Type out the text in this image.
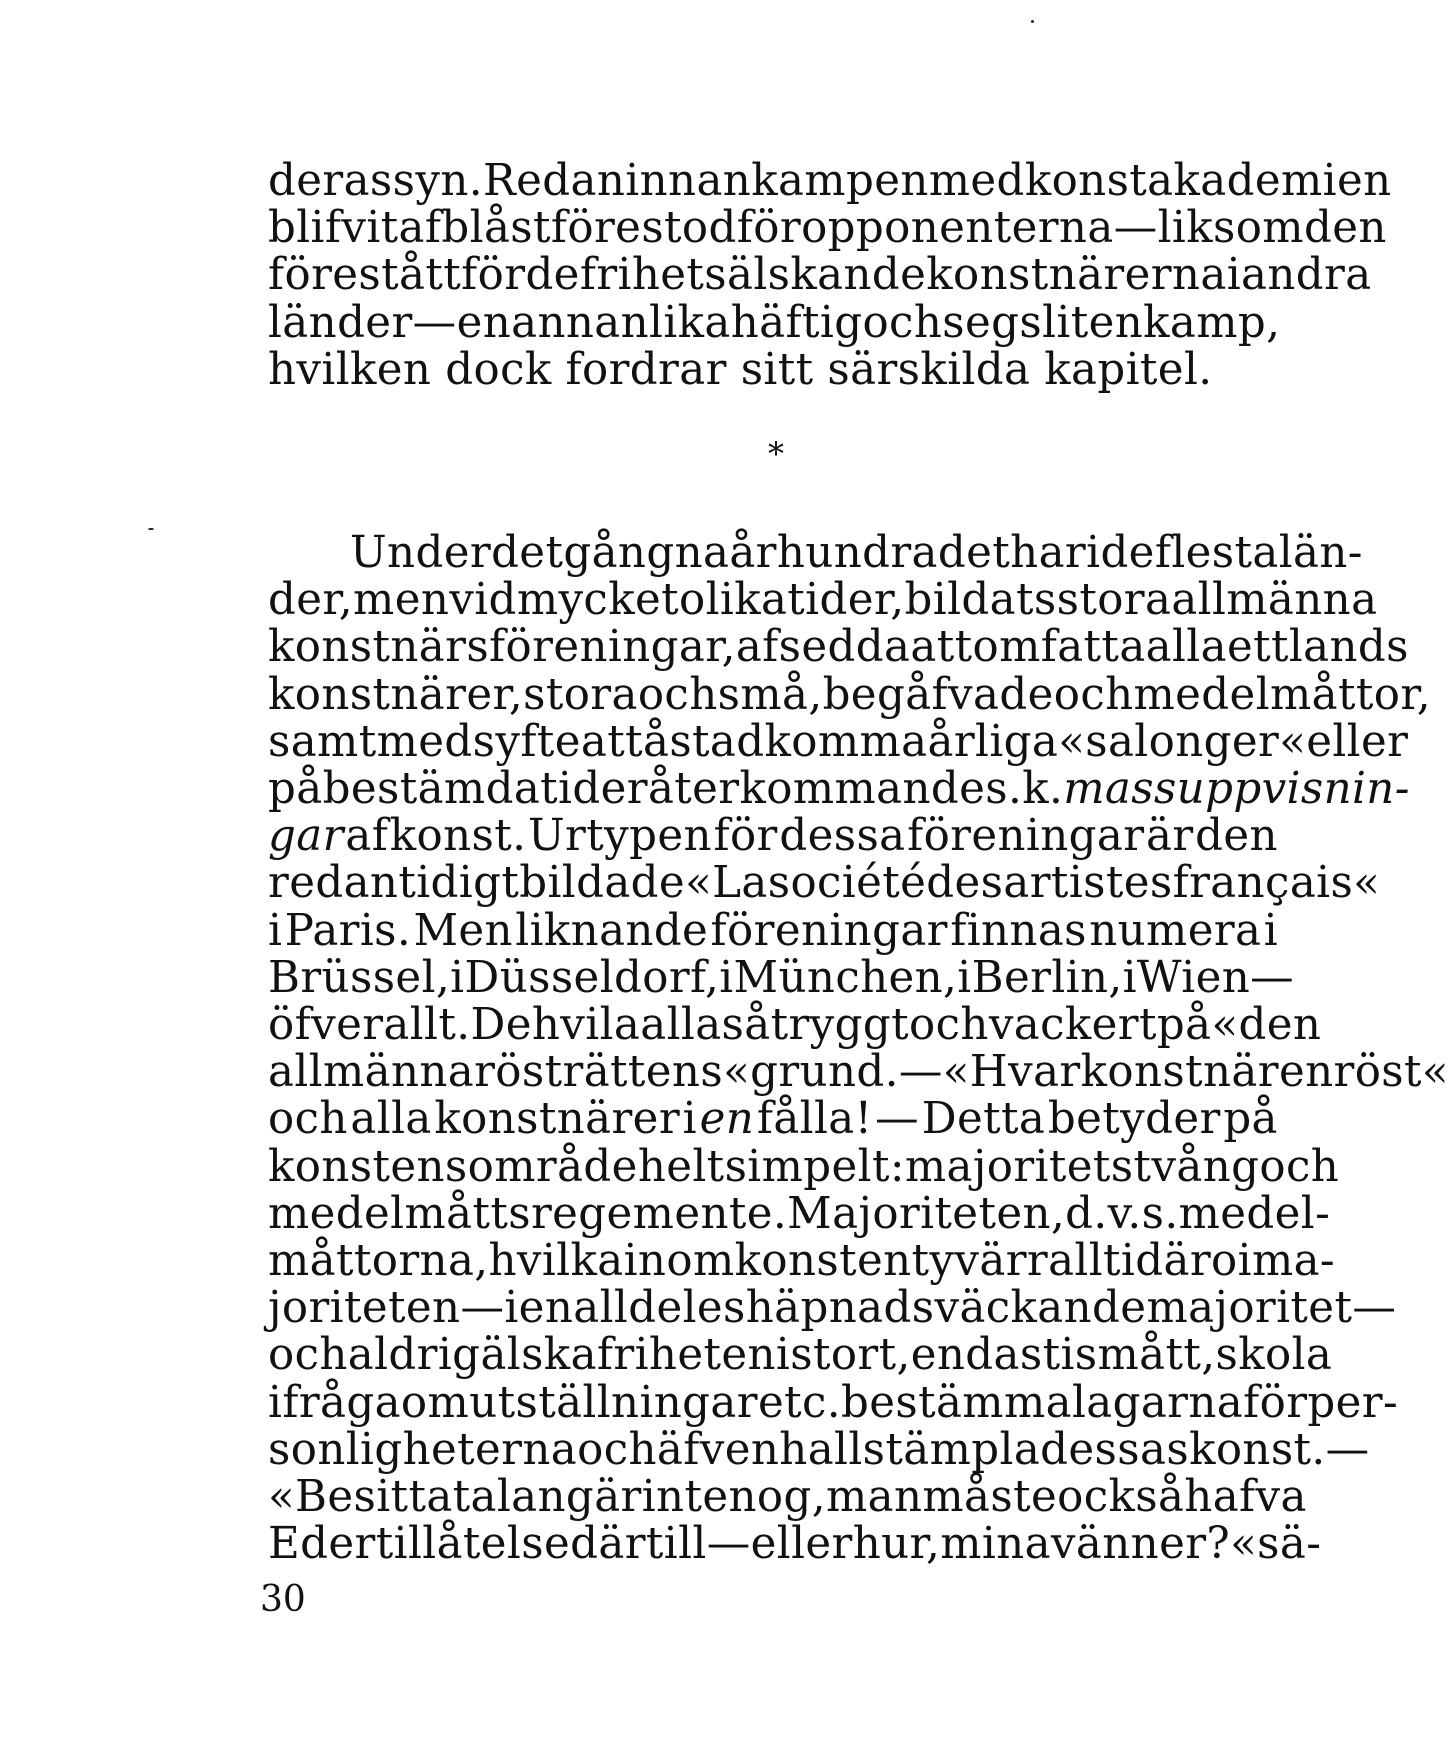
deras syn. Redan innan kampen med konstakademien
blifvit afblåst förestod för opponenterna — liksom den
förestått för de frihetsälskande konstnärerna i andra
länder — en annan lika häftig och segsliten kamp,
hvilken dock fordrar sitt särskilda kapitel.
*
Under det gångna århundradet har i de flesta län-
der, men vid mycket olika tider, bildats stora allmänna
konstnärsföreningar, afsedda att omfatta alla ett lands
konstnärer, stora och små, begåfvade och medelmåttor,
samt med syfte att åstadkomma årliga «salonger« eller
på bestämda tider återkommande s. k. massuppvisnin-
gar af konst. Urtypen för dessa föreningar är den
redan tidigt bildade «La société des artistes français«
i Paris. Men liknande föreningar finnas numera i
Brüssel, i Düsseldorf, i München, i Berlin, i Wien —
öfverallt. De hvila alla så tryggt och vackert på «den
allmänna rösträttens« grund. — «Hvar konstnär en röst«
och alla konstnärer i en fålla! — Detta betyder på
konstens område helt simpelt: majoritetstvång och
medelmåttsregemente. Majoriteten, d. v. s. medel-
måttorna, hvilka inom konsten tyvärr alltid äro i ma-
joriteten — i en alldeles häpnadsväckande majoritet —
och aldrig älska friheten i stort, endast i smått, skola
i fråga om utställningar etc. bestämma lagarna för per-
sonligheterna och äfven hallstämpla dessas konst. —
«Besitta talang är inte nog, man måste också hafva
Eder tillåtelse därtill — eller hur, mina vänner?« sä-
30
